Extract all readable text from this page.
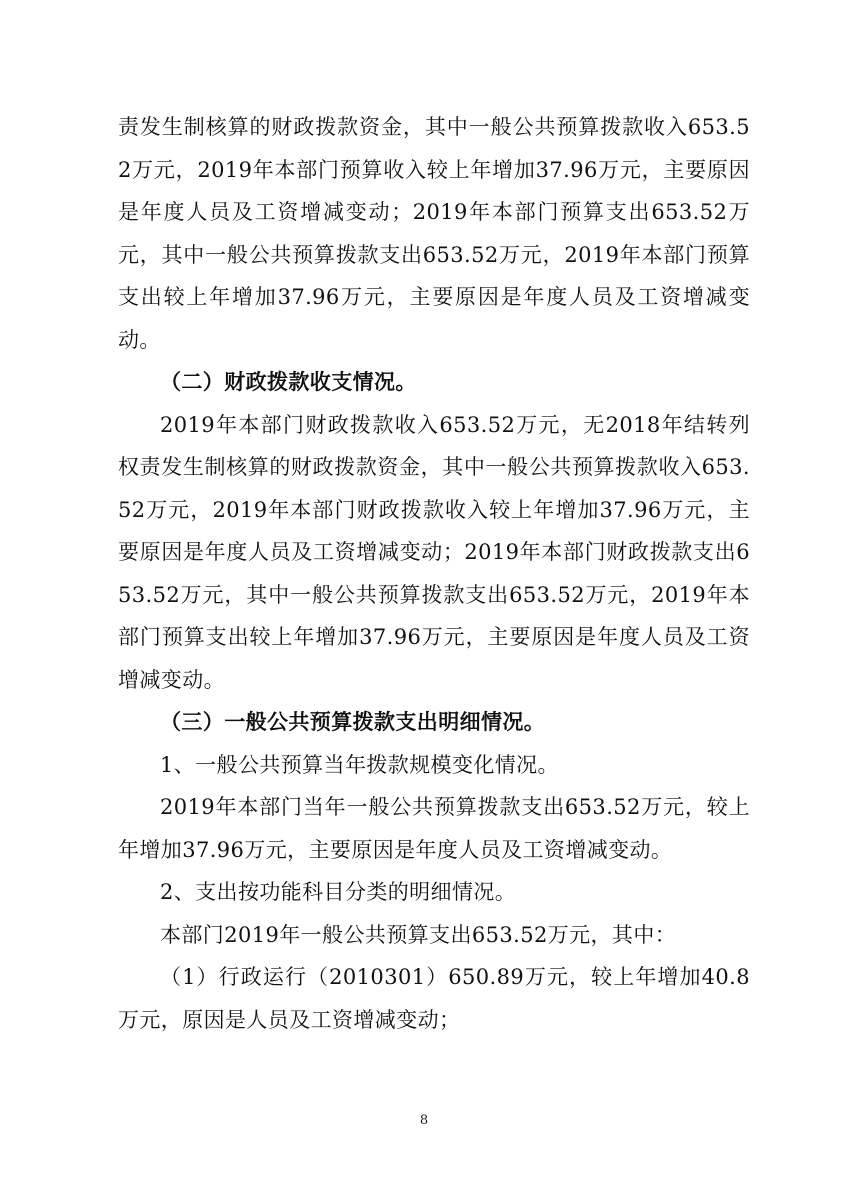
责发生制核算的财政拨款资金，其中一般公共预算拨款收入653.52万元，2019年本部门预算收入较上年增加37.96万元，主要原因是年度人员及工资增减变动；2019年本部门预算支出653.52万元，其中一般公共预算拨款支出653.52万元，2019年本部门预算支出较上年增加37.96万元，主要原因是年度人员及工资增减变动。

（二）财政拨款收支情况。

2019年本部门财政拨款收入653.52万元，无2018年结转列权责发生制核算的财政拨款资金，其中一般公共预算拨款收入653.52万元，2019年本部门财政拨款收入较上年增加37.96万元，主要原因是年度人员及工资增减变动；2019年本部门财政拨款支出653.52万元，其中一般公共预算拨款支出653.52万元，2019年本部门预算支出较上年增加37.96万元，主要原因是年度人员及工资增减变动。

（三）一般公共预算拨款支出明细情况。

1、一般公共预算当年拨款规模变化情况。

2019年本部门当年一般公共预算拨款支出653.52万元，较上年增加37.96万元，主要原因是年度人员及工资增减变动。

2、支出按功能科目分类的明细情况。

本部门2019年一般公共预算支出653.52万元，其中：

（1）行政运行（2010301）650.89万元，较上年增加40.8万元，原因是人员及工资增减变动；

8
